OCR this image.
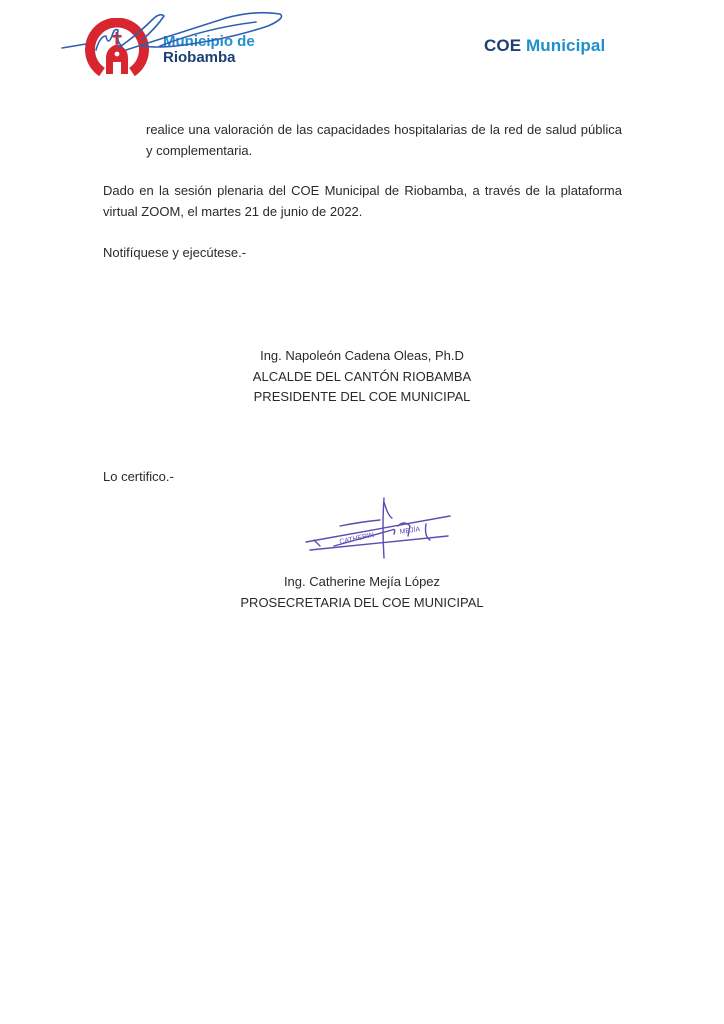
Municipio de
Riobamba
COE Municipal
realice una valoración de las capacidades hospitalarias de la red de salud pública y complementaria.
Dado en la sesión plenaria del COE Municipal de Riobamba, a través de la plataforma virtual ZOOM, el martes 21 de junio de 2022.
Notifíquese y ejecútese.-
Ing. Napoleón Cadena Oleas, Ph.D
ALCALDE DEL CANTÓN RIOBAMBA
PRESIDENTE DEL COE MUNICIPAL
Lo certifico.-
CATHERIN
MEJÍA
Ing. Catherine Mejía López
PROSECRETARIA DEL COE MUNICIPAL
